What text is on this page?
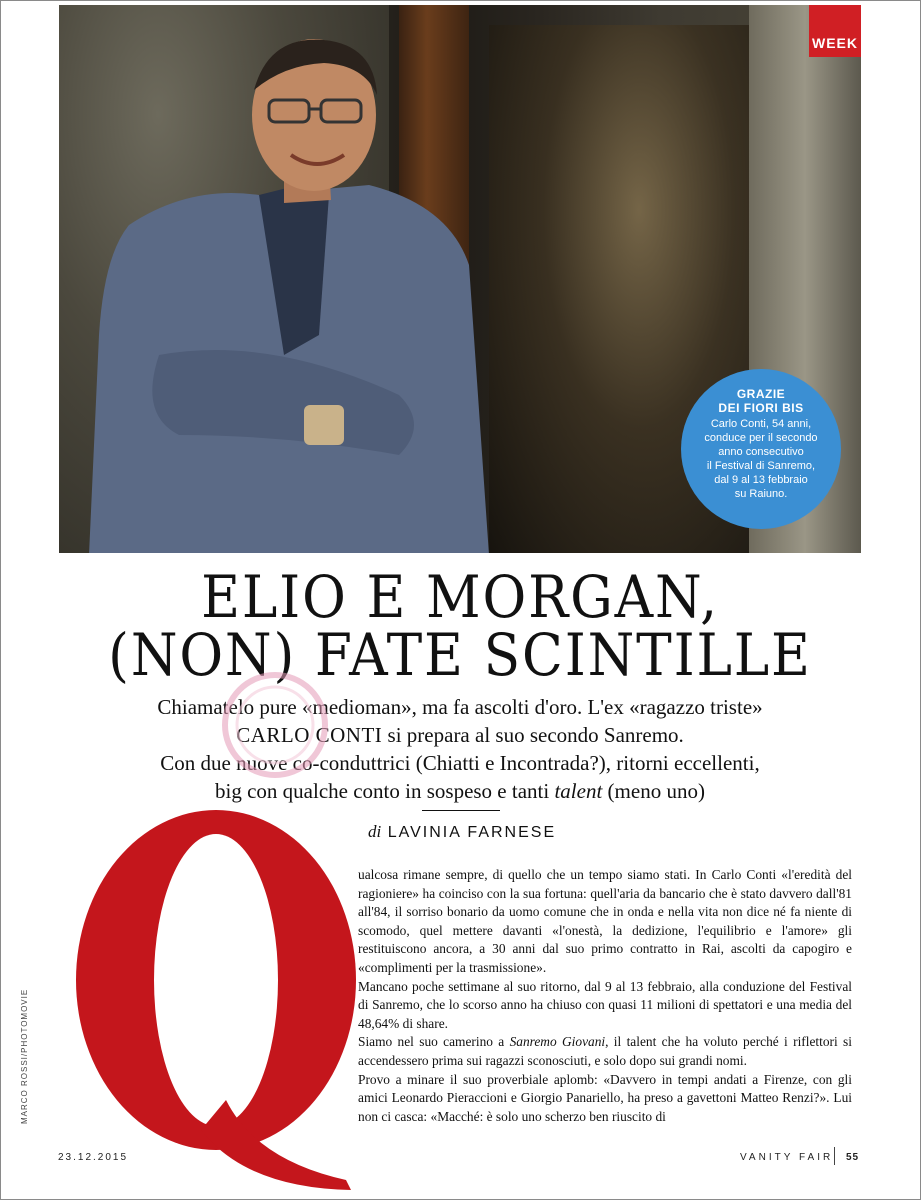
WEEK
GRAZIE
DEI FIORI BIS
Carlo Conti, 54 anni,
conduce per il secondo
anno consecutivo
il Festival di Sanremo,
dal 9 al 13 febbraio
su Raiuno.
ELIO E MORGAN,
(NON) FATE SCINTILLE
Chiamatelo pure «medioman», ma fa ascolti d'oro. L'ex «ragazzo triste»
CARLO CONTI si prepara al suo secondo Sanremo.
Con due nuove co-conduttrici (Chiatti e Incontrada?), ritorni eccellenti,
big con qualche conto in sospeso e tanti talent (meno uno)
di LAVINIA FARNESE
MARCO ROSSI/PHOTOMOVIE

ualcosa rimane sempre, di quello che un tempo siamo stati. In Carlo Conti «l'eredità del ragioniere» ha coinciso con la sua fortuna: quell'aria da bancario che è stato davvero dall'81 all'84, il sorriso bonario da uomo comune che in onda e nella vita non dice né fa niente di scomodo, quel mettere davanti «l'onestà, la dedizione, l'equilibrio e l'amore» gli restituiscono ancora, a 30 anni dal suo primo contratto in Rai, ascolti da capogiro e «complimenti per la trasmissione».

Mancano poche settimane al suo ritorno, dal 9 al 13 febbraio, alla conduzione del Festival di Sanremo, che lo scorso anno ha chiuso con quasi 11 milioni di spettatori e una media del 48,64% di share.

Siamo nel suo camerino a Sanremo Giovani, il talent che ha voluto perché i riflettori si accendessero prima sui ragazzi sconosciuti, e solo dopo sui grandi nomi.

Provo a minare il suo proverbiale aplomb: «Davvero in tempi andati a Firenze, con gli amici Leonardo Pieraccioni e Giorgio Panariello, ha preso a gavettoni Matteo Renzi?». Lui non ci casca: «Macché: è solo uno scherzo ben riuscito di

23.12.2015	VANITY FAIR 55
